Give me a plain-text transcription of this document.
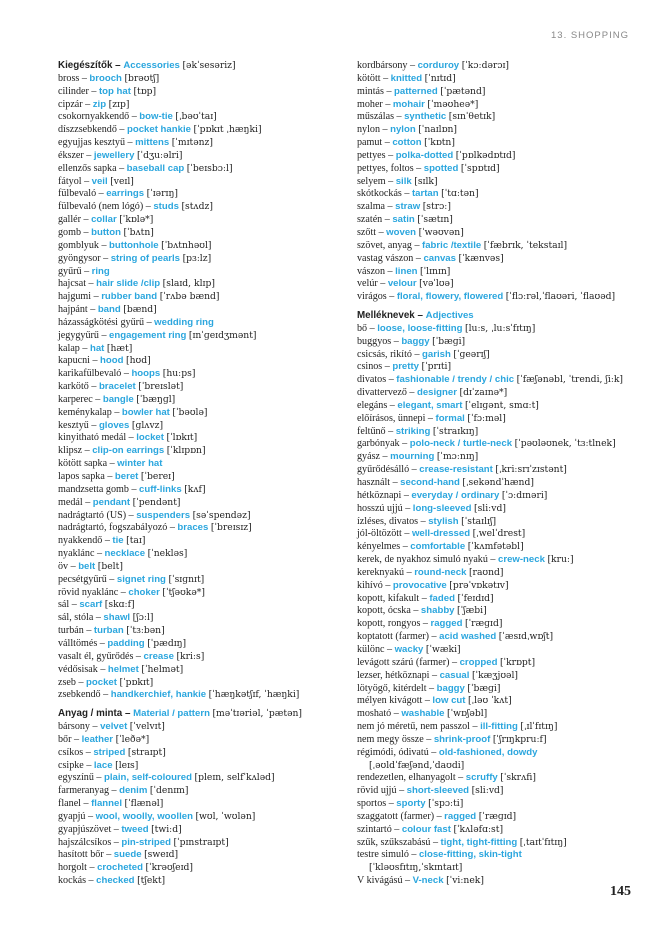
13. SHOPPING
Kiegészítők – Accessories [əkˈsesəriz]
bross – brooch [brəʊtʃ]
cilinder – top hat [tɒp]
cipzár – zip [zɪp]
csokornyakkendő – bow-tie [ˌbəʊˈtaɪ]
díszzsebkendő – pocket hankie [ˈpɒkɪt ˌhæŋki]
egyujjas kesztyű – mittens [ˈmɪtənz]
ékszer – jewellery [ˈdʒuːəlri]
ellenzős sapka – baseball cap [ˈbeɪsbɔːl]
fátyol – veil [veɪl]
fülbevaló – earrings [ˈɪərɪŋ]
fülbevaló (nem lógó) – studs [stʌdz]
gallér – collar [ˈkɒlə*]
gomb – button [ˈbʌtn]
gomblyuk – buttonhole [ˈbʌtnhəʊl]
gyöngysor – string of pearls [pɜːlz]
gyűrű – ring
hajcsat – hair slide /clip [slaɪd, klɪp]
hajgumi – rubber band [ˈrʌbə bænd]
hajpánt – band [bænd]
házasságkötési gyűrű – wedding ring
jegygyűrű – engagement ring [ɪnˈɡeɪdʒmənt]
kalap – hat [hæt]
kapucni – hood [hʊd]
karikafülbevaló – hoops [huːps]
karkötő – bracelet [ˈbreɪslət]
karperec – bangle [ˈbæŋɡl]
keménykalap – bowler hat [ˈbəʊlə]
kesztyű – gloves [ɡlʌvz]
kinyitható medál – locket [ˈlɒkɪt]
klipsz – clip-on earrings [ˈklɪpɒn]
kötött sapka – winter hat
lapos sapka – beret [ˈbereɪ]
mandzsetta gomb – cuff-links [kʌf]
medál – pendant [ˈpendənt]
nadrágtartó (US) – suspenders [səˈspendəz]
nadrágtartó, fogszabályozó – braces [ˈbreɪsɪz]
nyakkendő – tie [taɪ]
nyaklánc – necklace [ˈnekləs]
öv – belt [belt]
pecsétgyűrű – signet ring [ˈsɪɡnɪt]
rövid nyaklánc – choker [ˈtʃəʊkə*]
sál – scarf [skɑːf]
sál, stóla – shawl [ʃɔːl]
turbán – turban [ˈtɜːbən]
válltömés – padding [ˈpædɪŋ]
vasalt él, gyűrődés – crease [kriːs]
védősisak – helmet [ˈhelmət]
zseb – pocket [ˈpɒkɪt]
zsebkendő – handkerchief, hankie [ˈhæŋkətʃɪf, ˈhæŋki]
Anyag / minta – Material / pattern [məˈtɪəriəl, ˈpætən]
bársony – velvet [ˈvelvɪt]
bőr – leather [ˈleðə*]
csíkos – striped [straɪpt]
csipke – lace [leɪs]
egyszínű – plain, self-coloured [pleɪn, selfˈkʌləd]
farmeranyag – denim [ˈdenɪm]
flanel – flannel [ˈflænəl]
gyapjú – wool, woolly, woollen [wʊl, ˈwʊlən]
gyapjúszövet – tweed [twiːd]
hajszálcsíkos – pin-striped [ˈpɪnstraɪpt]
hasított bőr – suede [sweɪd]
horgolt – crocheted [ˈkrəʊʃeɪd]
kockás – checked [tʃekt]
kordbársony – corduroy [ˈkɔːdərɔɪ]
kötött – knitted [ˈnɪtɪd]
mintás – patterned [ˈpætənd]
moher – mohair [ˈməʊheə*]
műszálas – synthetic [sɪnˈθetɪk]
nylon – nylon [ˈnaɪlɒn]
pamut – cotton [ˈkɒtn]
pettyes – polka-dotted [ˈpɒlkədɒtɪd]
pettyes, foltos – spotted [ˈspɒtɪd]
selyem – silk [sɪlk]
skótkockás – tartan [ˈtɑːtən]
szalma – straw [strɔː]
szatén – satin [ˈsætɪn]
szőtt – woven [ˈwəʊvən]
szövet, anyag – fabric /textile [ˈfæbrɪk, ˈtekstaɪl]
vastag vászon – canvas [ˈkænvəs]
vászon – linen [ˈlɪnɪn]
velúr – velour [vəˈlʊə]
virágos – floral, flowery, flowered [ˈflɔːrəl,ˈflaʊəri, ˈflaʊəd]
Melléknevek – Adjectives
bő – loose, loose-fitting [luːs, ˌluːsˈfɪtɪŋ]
buggyos – baggy [ˈbæɡi]
csicsás, rikító – garish [ˈɡeərɪʃ]
csinos – pretty [ˈprɪti]
divatos – fashionable / trendy / chic [ˈfæʃənəbl, ˈtrendi, ʃiːk]
divattervező – designer [dɪˈzaɪnə*]
elegáns – elegant, smart [ˈelɪɡənt, smɑːt]
előírásos, ünnepi – formal [ˈfɔːməl]
feltűnő – striking [ˈstraɪkɪŋ]
garbónyak – polo-neck / turtle-neck [ˈpəʊləʊnek, ˈtɜːtlnek]
gyász – mourning [ˈmɔːnɪŋ]
gyűrődésálló – crease-resistant [ˌkriːsrɪˈzɪstənt]
használt – second-hand [ˌsekəndˈhænd]
hétköznapi – everyday / ordinary [ˈɔːdɪnəri]
hosszú ujjú – long-sleeved [sliːvd]
ízléses, divatos – stylish [ˈstaɪlɪʃ]
jól-öltözött – well-dressed [ˌwelˈdrest]
kényelmes – comfortable [ˈkʌmfətəbl]
kerek, de nyakhoz simuló nyakú – crew-neck [kruː]
kereknyakú – round-neck [raʊnd]
kihívó – provocative [prəˈvɒkətɪv]
kopott, kifakult – faded [ˈfeɪdɪd]
kopott, ócska – shabby [ˈʃæbi]
kopott, rongyos – ragged [ˈræɡɪd]
koptatott (farmer) – acid washed [ˈæsɪdˌwɒʃt]
különc – wacky [ˈwæki]
levágott szárú (farmer) – cropped [ˈkrɒpt]
lezser, hétköznapi – casual [ˈkæʒjʊəl]
lötyögő, kitérdelt – baggy [ˈbæɡi]
mélyen kivágott – low cut [ˌləʊ ˈkʌt]
mosható – washable [ˈwɒʃəbl]
nem jó méretű, nem passzol – ill-fitting [ˌɪlˈfɪtɪŋ]
nem megy össze – shrink-proof [ˈʃrɪŋkpruːf]
régimódi, ódivatú – old-fashioned, dowdy
[ˌəʊldˈfæʃənd,ˈdaʊdi]
rendezetlen, elhanyagolt – scruffy [ˈskrʌfi]
rövid ujjú – short-sleeved [sliːvd]
sportos – sporty [ˈspɔːti]
szaggatott (farmer) – ragged [ˈræɡɪd]
szintartó – colour fast [ˈkʌləfɑːst]
szűk, szűkszabású – tight, tight-fitting [ˌtaɪtˈfɪtɪŋ]
testre simuló – close-fitting, skin-tight
[ˈkləʊsfɪtɪŋ,ˈskɪntaɪt]
V kivágású – V-neck [ˈviːnek]
145
